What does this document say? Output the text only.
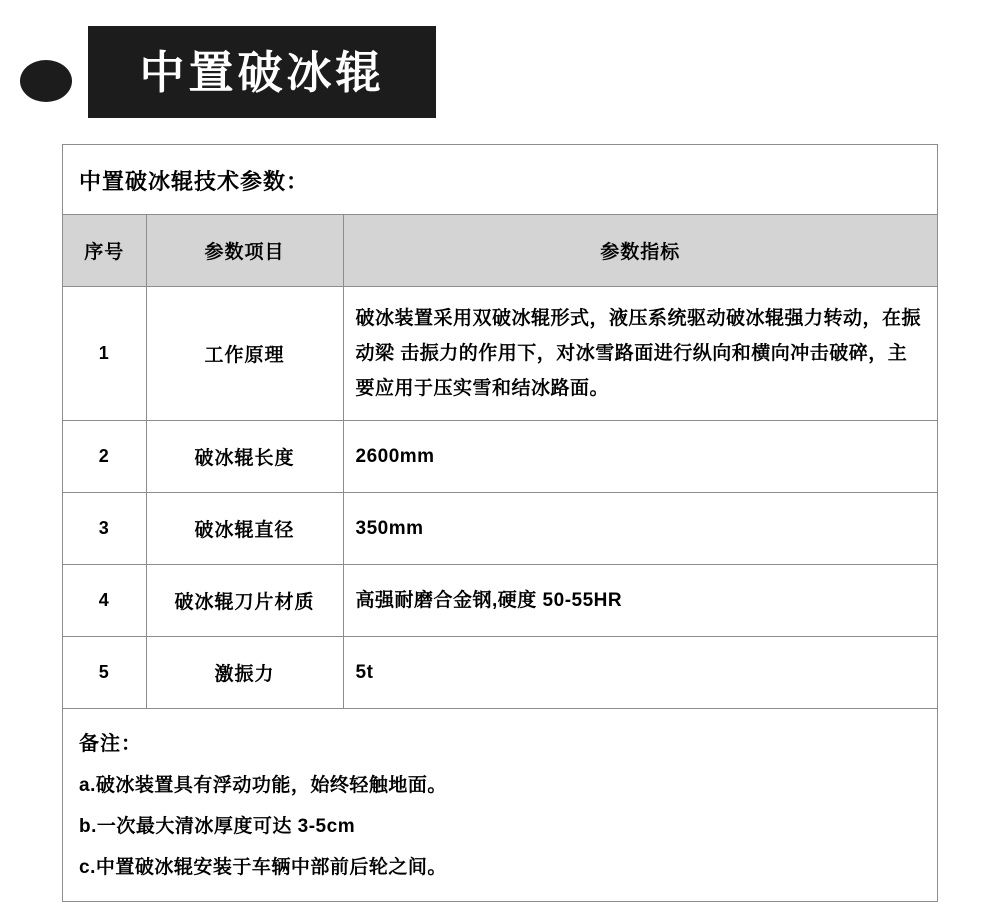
中置破冰辊
中置破冰辊技术参数：
序号	参数项目	参数指标
1	工作原理	破冰装置采用双破冰辊形式，液压系统驱动破冰辊强力转动，在振动梁 击振力的作用下，对冰雪路面进行纵向和横向冲击破碎，主要应用于压实雪和结冰路面。
2	破冰辊长度	2600mm
3	破冰辊直径	350mm
4	破冰辊刀片材质	高强耐磨合金钢,硬度 50-55HR
5	激振力	5t
备注：
a.破冰装置具有浮动功能，始终轻触地面。
b.一次最大清冰厚度可达 3-5cm
c.中置破冰辊安装于车辆中部前后轮之间。
